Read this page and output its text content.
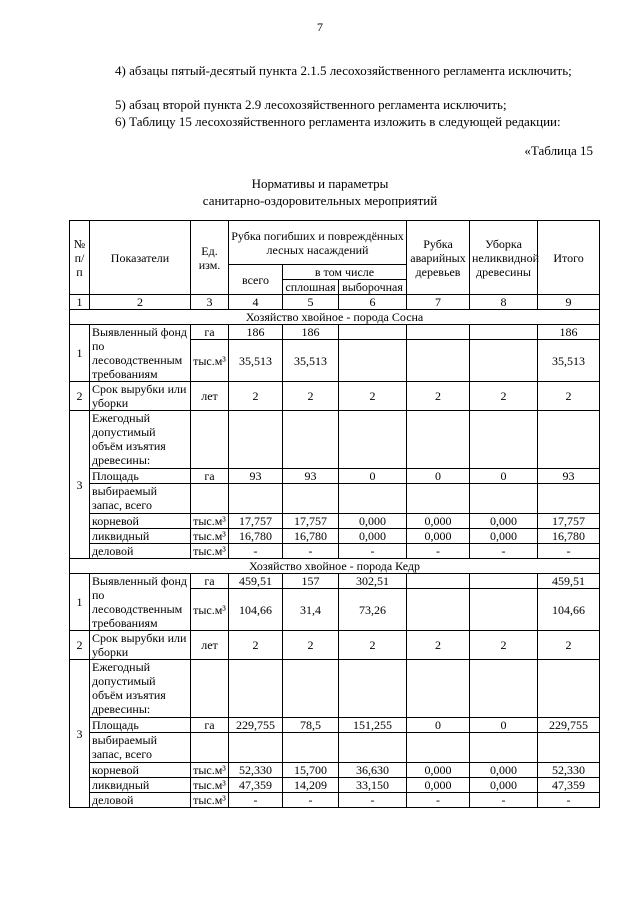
7
4) абзацы пятый-десятый пункта 2.1.5 лесохозяйственного регламента исключить;
5) абзац второй пункта 2.9 лесохозяйственного регламента исключить;
6) Таблицу 15 лесохозяйственного регламента изложить в следующей редакции:
«Таблица 15
Нормативы и параметры
санитарно-оздоровительных мероприятий
№ п/п	Показатели	Ед. изм.	Рубка погибших и повреждённых лесных насаждений			Рубка аварийных деревьев	Уборка неликвидной древесины	Итого
			всего	в том числе				
				сплошная	выборочная			
1	2	3	4	5	6	7	8	9
Хозяйство хвойное - порода Сосна								
1	Выявленный фонд по лесоводственным требованиям	га	186	186				186
		тыс.м³	35,513	35,513				35,513
2	Срок вырубки или уборки	лет	2	2	2	2	2	2
3	Ежегодный допустимый объём изъятия древесины:							
	Площадь	га	93	93	0	0	0	93
	выбираемый запас, всего							
	корневой	тыс.м³	17,757	17,757	0,000	0,000	0,000	17,757
	ликвидный	тыс.м³	16,780	16,780	0,000	0,000	0,000	16,780
	деловой	тыс.м³	-	-	-	-	-	-
Хозяйство хвойное - порода Кедр								
1	Выявленный фонд по лесоводственным требованиям	га	459,51	157	302,51			459,51
		тыс.м³	104,66	31,4	73,26			104,66
2	Срок вырубки или уборки	лет	2	2	2	2	2	2
3	Ежегодный допустимый объём изъятия древесины:							
	Площадь	га	229,755	78,5	151,255	0	0	229,755
	выбираемый запас, всего							
	корневой	тыс.м³	52,330	15,700	36,630	0,000	0,000	52,330
	ликвидный	тыс.м³	47,359	14,209	33,150	0,000	0,000	47,359
	деловой	тыс.м³	-	-	-	-	-	-
